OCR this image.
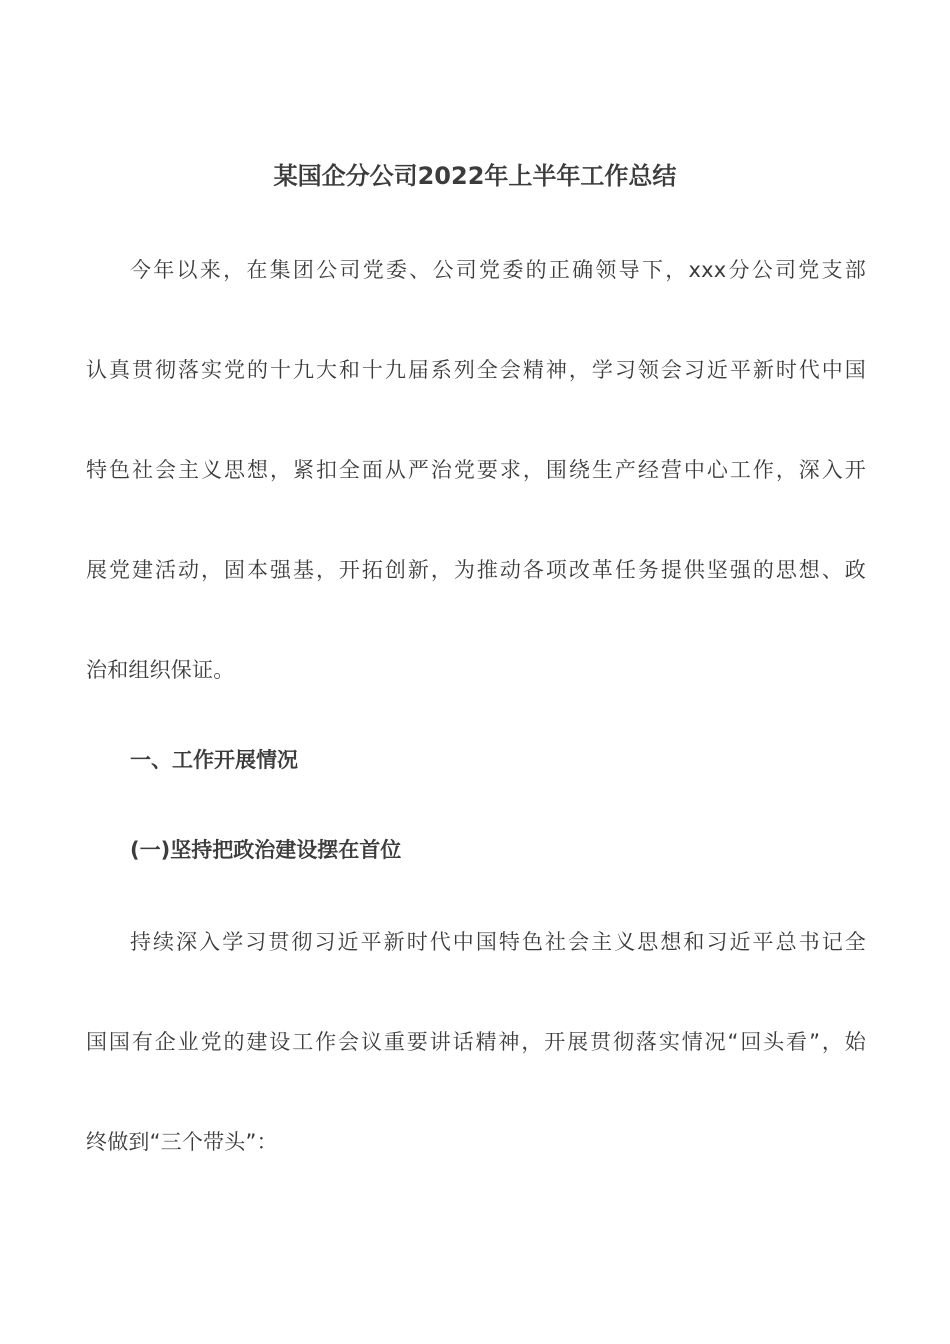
某国企分公司2022年上半年工作总结
今年以来，在集团公司党委、公司党委的正确领导下，xxx分公司党支部
认真贯彻落实党的十九大和十九届系列全会精神，学习领会习近平新时代中国
特色社会主义思想，紧扣全面从严治党要求，围绕生产经营中心工作，深入开
展党建活动，固本强基，开拓创新，为推动各项改革任务提供坚强的思想、政
治和组织保证。
一、工作开展情况
(一)坚持把政治建设摆在首位
持续深入学习贯彻习近平新时代中国特色社会主义思想和习近平总书记全
国国有企业党的建设工作会议重要讲话精神，开展贯彻落实情况“回头看”，始
终做到“三个带头”：
